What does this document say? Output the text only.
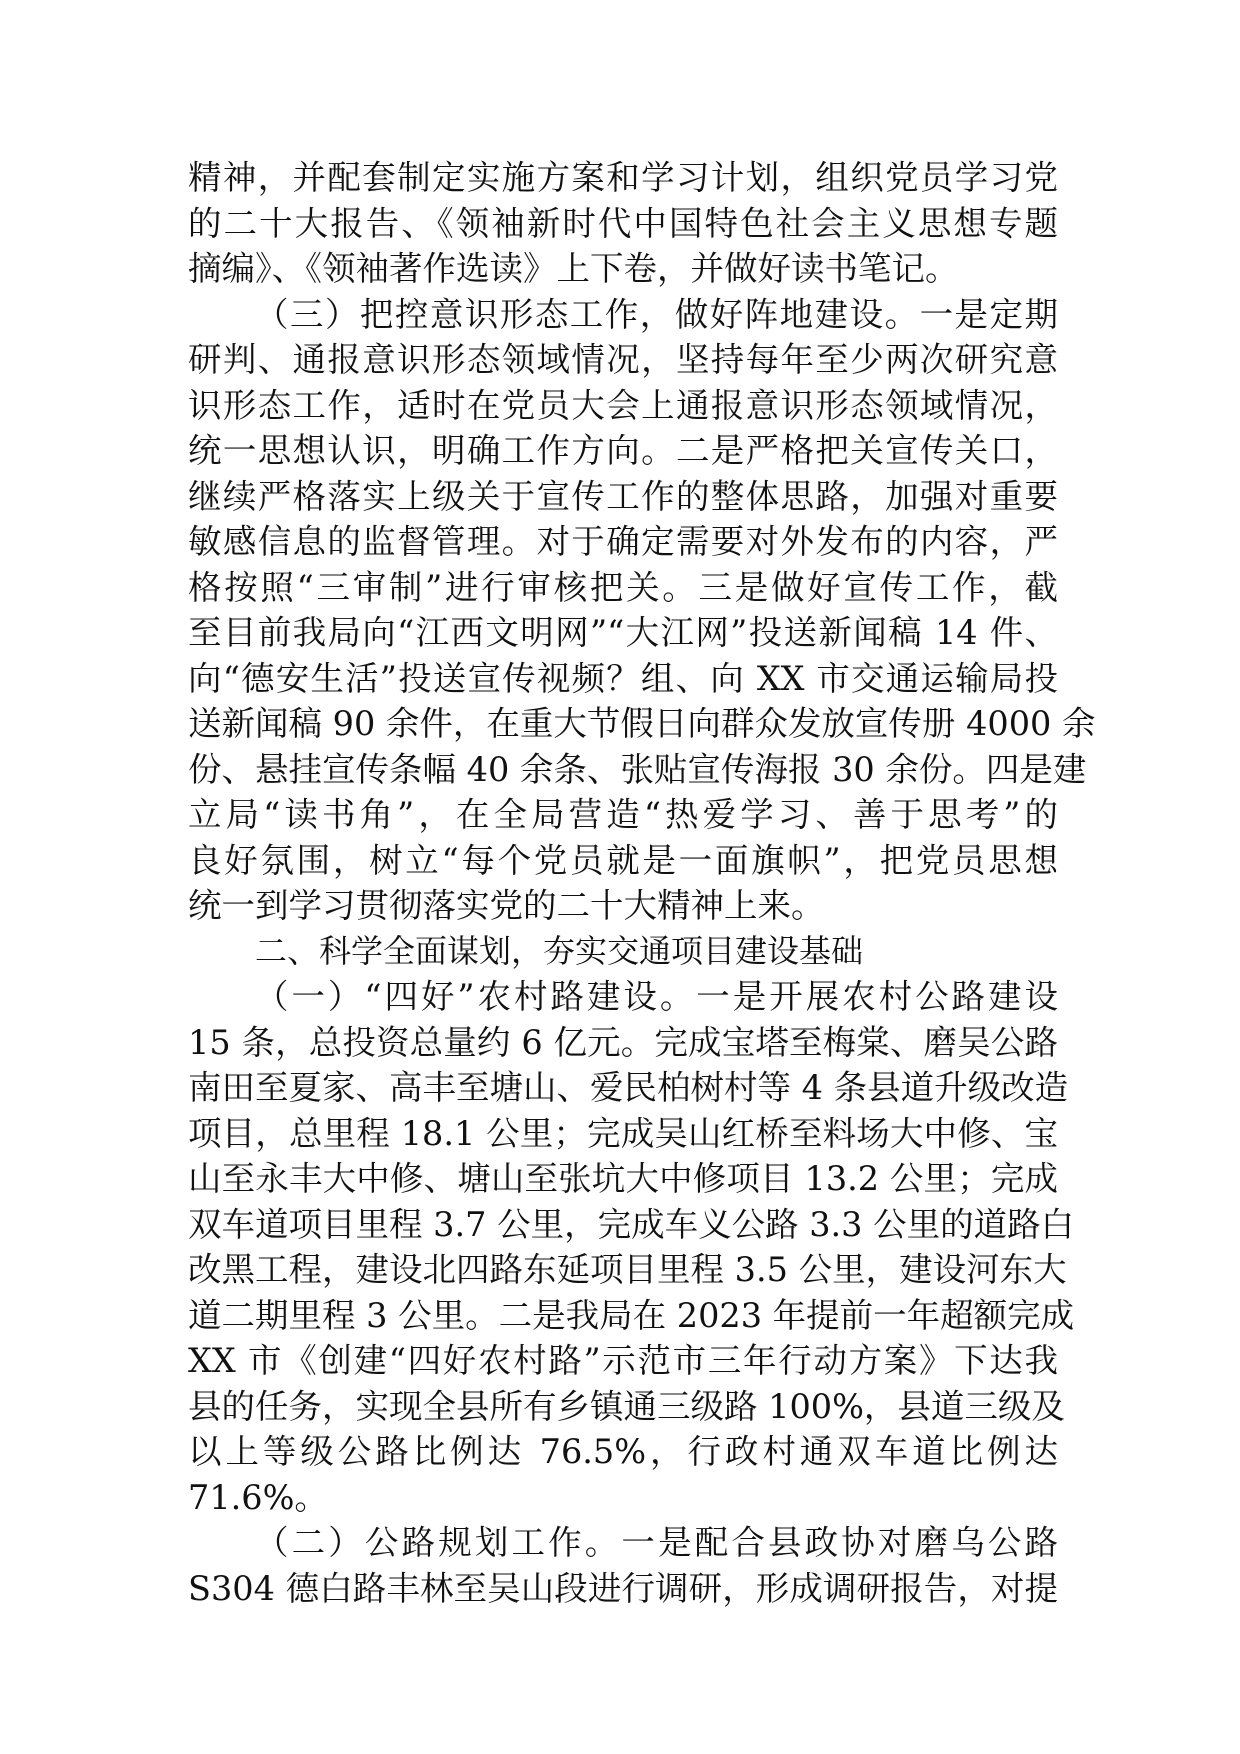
精神，并配套制定实施方案和学习计划，组织党员学习党
的二十大报告、《领袖新时代中国特色社会主义思想专题
摘编》、《领袖著作选读》上下卷，并做好读书笔记。
（三）把控意识形态工作，做好阵地建设。一是定期
研判、通报意识形态领域情况，坚持每年至少两次研究意
识形态工作，适时在党员大会上通报意识形态领域情况，
统一思想认识，明确工作方向。二是严格把关宣传关口，
继续严格落实上级关于宣传工作的整体思路，加强对重要
敏感信息的监督管理。对于确定需要对外发布的内容，严
格按照“三审制”进行审核把关。三是做好宣传工作，截
至目前我局向“江西文明网”“大江网”投送新闻稿 14 件、
向“德安生活”投送宣传视频？组、向 XX 市交通运输局投
送新闻稿 90 余件，在重大节假日向群众发放宣传册 4000 余
份、悬挂宣传条幅 40 余条、张贴宣传海报 30 余份。四是建
立局“读书角”，在全局营造“热爱学习、善于思考”的
良好氛围，树立“每个党员就是一面旗帜”，把党员思想
统一到学习贯彻落实党的二十大精神上来。
二、科学全面谋划，夯实交通项目建设基础
（一）“四好”农村路建设。一是开展农村公路建设
15 条，总投资总量约 6 亿元。完成宝塔至梅棠、磨吴公路
南田至夏家、高丰至塘山、爱民柏树村等 4 条县道升级改造
项目，总里程 18.1 公里；完成吴山红桥至料场大中修、宝
山至永丰大中修、塘山至张坑大中修项目 13.2 公里；完成
双车道项目里程 3.7 公里，完成车义公路 3.3 公里的道路白
改黑工程，建设北四路东延项目里程 3.5 公里，建设河东大
道二期里程 3 公里。二是我局在 2023 年提前一年超额完成
XX 市《创建“四好农村路”示范市三年行动方案》下达我
县的任务，实现全县所有乡镇通三级路 100%，县道三级及
以上等级公路比例达 76.5%，行政村通双车道比例达
71.6%。
（二）公路规划工作。一是配合县政协对磨乌公路
S304 德白路丰林至吴山段进行调研，形成调研报告，对提
